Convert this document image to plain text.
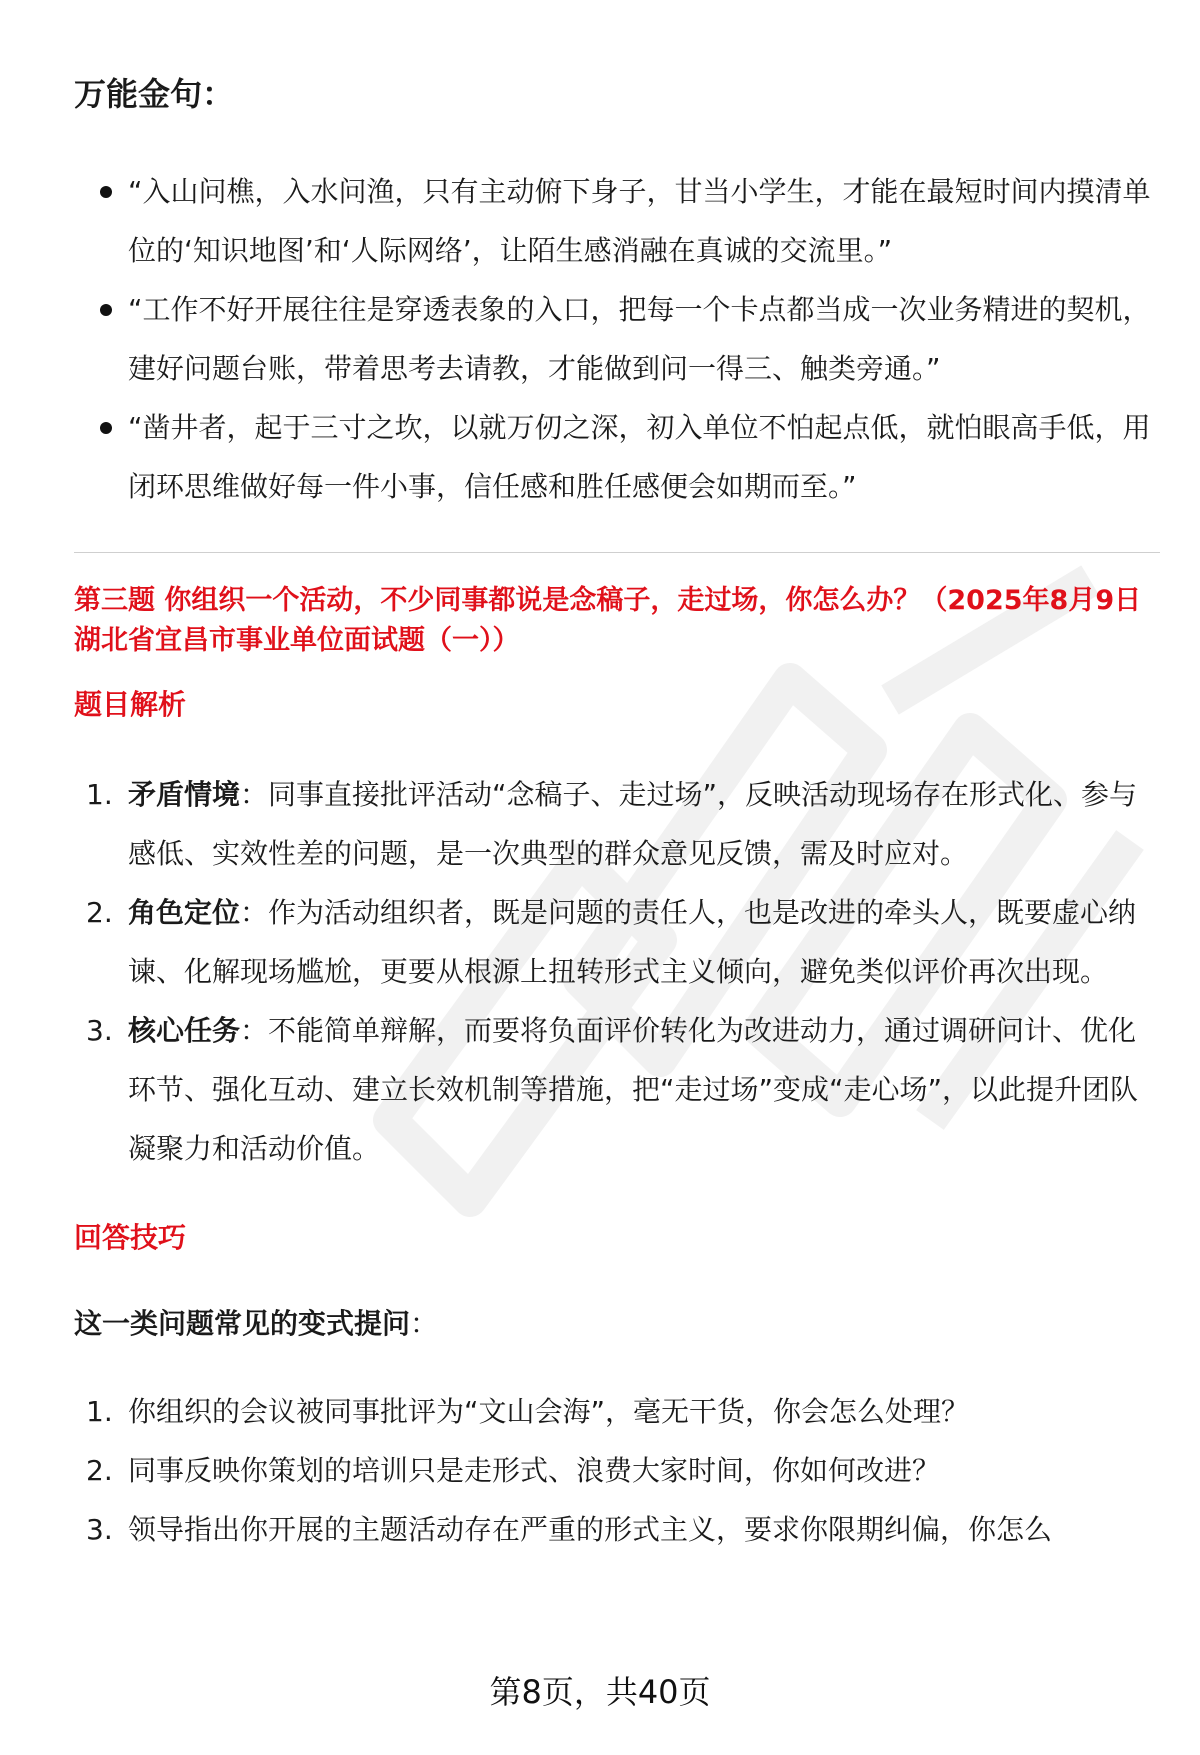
万能金句：
“入山问樵，入水问渔，只有主动俯下身子，甘当小学生，才能在最短时间内摸清单位的‘知识地图’和‘人际网络’，让陌生感消融在真诚的交流里。”
“工作不好开展往往是穿透表象的入口，把每一个卡点都当成一次业务精进的契机，建好问题台账，带着思考去请教，才能做到问一得三、触类旁通。”
“凿井者，起于三寸之坎，以就万仞之深，初入单位不怕起点低，就怕眼高手低，用闭环思维做好每一件小事，信任感和胜任感便会如期而至。”
第三题 你组织一个活动，不少同事都说是念稿子，走过场，你怎么办？（2025年8月9日湖北省宜昌市事业单位面试题（一））
题目解析
1. 矛盾情境：同事直接批评活动“念稿子、走过场”，反映活动现场存在形式化、参与感低、实效性差的问题，是一次典型的群众意见反馈，需及时应对。
2. 角色定位：作为活动组织者，既是问题的责任人，也是改进的牵头人，既要虚心纳谏、化解现场尴尬，更要从根源上扭转形式主义倾向，避免类似评价再次出现。
3. 核心任务：不能简单辩解，而要将负面评价转化为改进动力，通过调研问计、优化环节、强化互动、建立长效机制等措施，把“走过场”变成“走心场”，以此提升团队凝聚力和活动价值。
回答技巧
这一类问题常见的变式提问：
1. 你组织的会议被同事批评为“文山会海”，毫无干货，你会怎么处理？
2. 同事反映你策划的培训只是走形式、浪费大家时间，你如何改进？
3. 领导指出你开展的主题活动存在严重的形式主义，要求你限期纠偏，你怎么
第8页，共40页
